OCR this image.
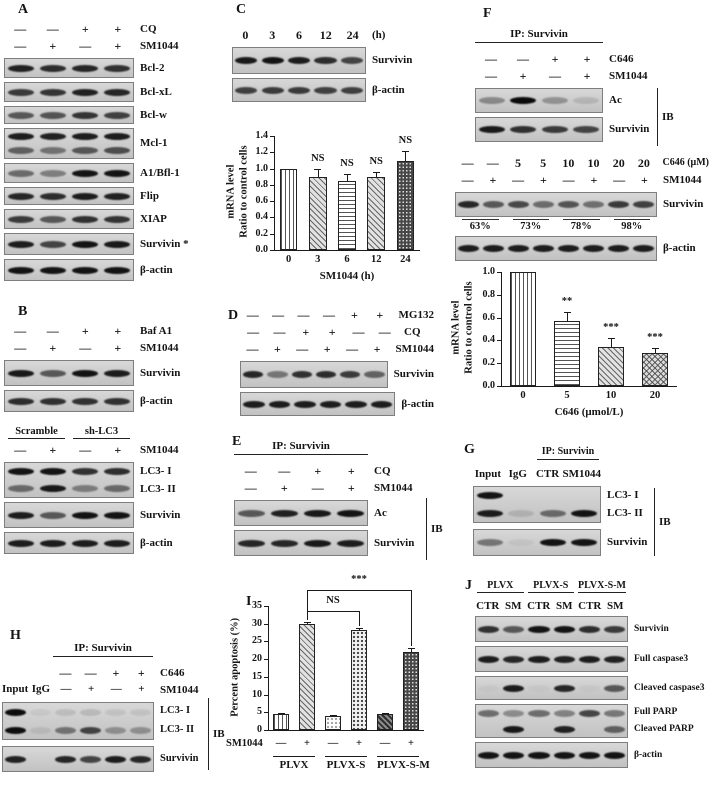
A
—	—	+	+	CQ
—	+	—	+	SM1044
Bcl-2
Bcl-xL
Bcl-w
Mcl-1
A1/Bfl-1
Flip
XIAP
Survivin *
β-actin
B
—	—	+	+	Baf A1
—	+	—	+	SM1044
Survivin
β-actin
Scramble	sh-LC3
—	+	—	+	SM1044
LC3- I
LC3- II
Survivin
β-actin
C
0	3	6	12	24	(h)
Survivin
β-actin
0.0
0.2
0.4
0.6
0.8
1.0
1.2
1.4
0
NS
3
NS
6
NS
12
NS
24
SM1044 (h)
mRNA level Ratio to control cells
D —	—	—	—	+	+	MG132
—	—	+	+	—	—	CQ
—	+	—	+	—	+	SM1044
Survivin
β-actin
E	IP: Survivin
—	—	+	+	CQ
—	+	—	+	SM1044
Ac
Survivin
IB
F
IP: Survivin
—	—	+	+	C646
—	+	—	+	SM1044
Ac
Survivin
IB
—	—	5	5	10	10	20	20	C646 (μM)
—	+	—	+	—	+	—	+	SM1044
Survivin
63%	73%	78%	98%
β-actin
0.0
0.2
0.4
0.6
0.8
1.0
0
**
5
***
10
***
20
C646 (μmol/L)
mRNA level Ratio to control cells
G	IP: Survivin
Input IgG CTR SM1044
LC3- I
LC3- II
Survivin
IB
H
IP: Survivin
—	—	+	+	C646
Input IgG —	+	—	+	SM1044
LC3- I
LC3- II
Survivin
IB
I
0
5
10
15
20
25
30
35
Percent apoptosis (%)
—	+	—	+	—	+
SM1044
PLVX	PLVX-S PLVX-S-M
NS
***	J	PLVX	PLVX-S PLVX-S-M
CTR SM CTR SM CTR SM
Survivin
Full caspase3
Cleaved caspase3
Full PARP
Cleaved PARP
β-actin
